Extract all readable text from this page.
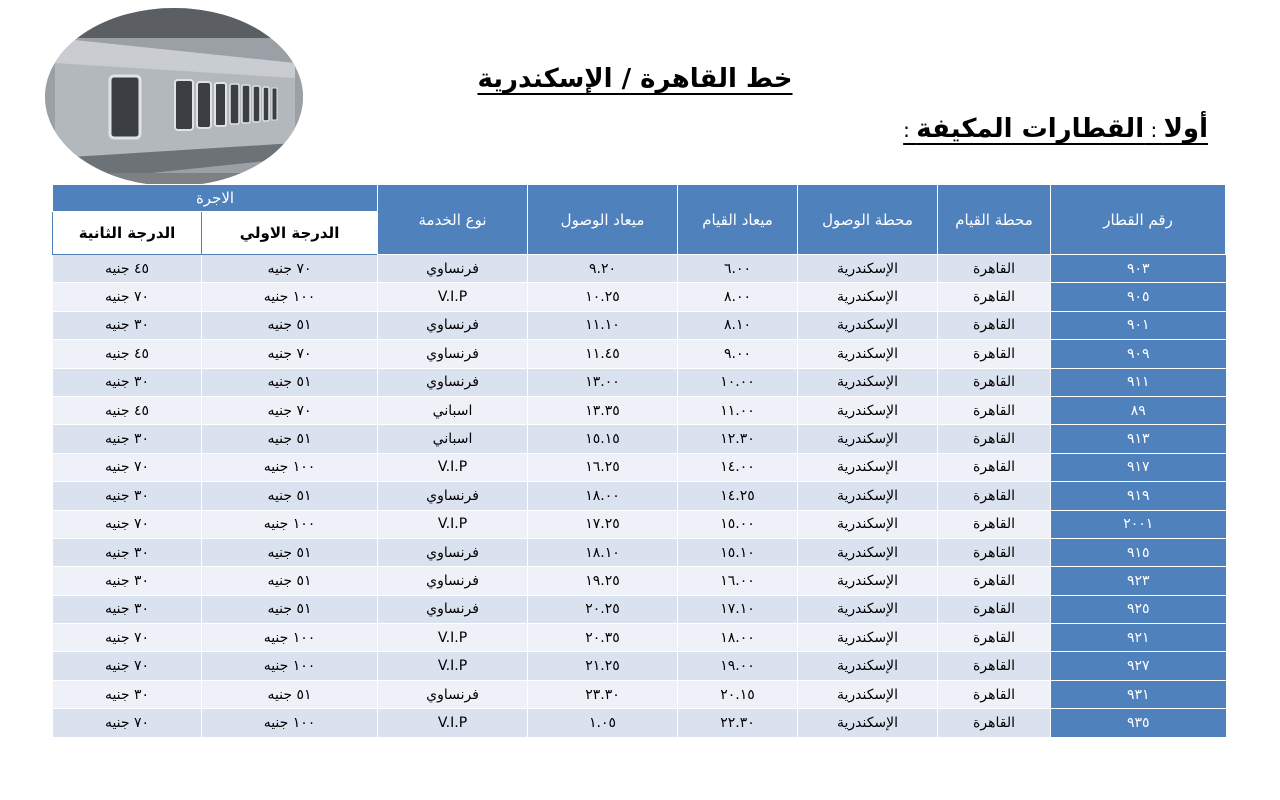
خط القاهرة / الإسكندرية
أولا : القطارات المكيفة :
رقم القطار	محطة القيام	محطة الوصول	ميعاد القيام	ميعاد الوصول	نوع الخدمة	الاجرة	
						الدرجة الاولي	الدرجة الثانية
٩٠٣	القاهرة	الإسكندرية	٦.٠٠	٩.٢٠	فرنساوي	٧٠ جنيه	٤٥ جنيه
٩٠٥	القاهرة	الإسكندرية	٨.٠٠	١٠.٢٥	V.I.P	١٠٠ جنيه	٧٠ جنيه
٩٠١	القاهرة	الإسكندرية	٨.١٠	١١.١٠	فرنساوي	٥١ جنيه	٣٠ جنيه
٩٠٩	القاهرة	الإسكندرية	٩.٠٠	١١.٤٥	فرنساوي	٧٠ جنيه	٤٥ جنيه
٩١١	القاهرة	الإسكندرية	١٠.٠٠	١٣.٠٠	فرنساوي	٥١ جنيه	٣٠ جنيه
٨٩	القاهرة	الإسكندرية	١١.٠٠	١٣.٣٥	اسباني	٧٠ جنيه	٤٥ جنيه
٩١٣	القاهرة	الإسكندرية	١٢.٣٠	١٥.١٥	اسباني	٥١ جنيه	٣٠ جنيه
٩١٧	القاهرة	الإسكندرية	١٤.٠٠	١٦.٢٥	V.I.P	١٠٠ جنيه	٧٠ جنيه
٩١٩	القاهرة	الإسكندرية	١٤.٢٥	١٨.٠٠	فرنساوي	٥١ جنيه	٣٠ جنيه
٢٠٠١	القاهرة	الإسكندرية	١٥.٠٠	١٧.٢٥	V.I.P	١٠٠ جنيه	٧٠ جنيه
٩١٥	القاهرة	الإسكندرية	١٥.١٠	١٨.١٠	فرنساوي	٥١ جنيه	٣٠ جنيه
٩٢٣	القاهرة	الإسكندرية	١٦.٠٠	١٩.٢٥	فرنساوي	٥١ جنيه	٣٠ جنيه
٩٢٥	القاهرة	الإسكندرية	١٧.١٠	٢٠.٢٥	فرنساوي	٥١ جنيه	٣٠ جنيه
٩٢١	القاهرة	الإسكندرية	١٨.٠٠	٢٠.٣٥	V.I.P	١٠٠ جنيه	٧٠ جنيه
٩٢٧	القاهرة	الإسكندرية	١٩.٠٠	٢١.٢٥	V.I.P	١٠٠ جنيه	٧٠ جنيه
٩٣١	القاهرة	الإسكندرية	٢٠.١٥	٢٣.٣٠	فرنساوي	٥١ جنيه	٣٠ جنيه
٩٣٥	القاهرة	الإسكندرية	٢٢.٣٠	١.٠٥	V.I.P	١٠٠ جنيه	٧٠ جنيه
